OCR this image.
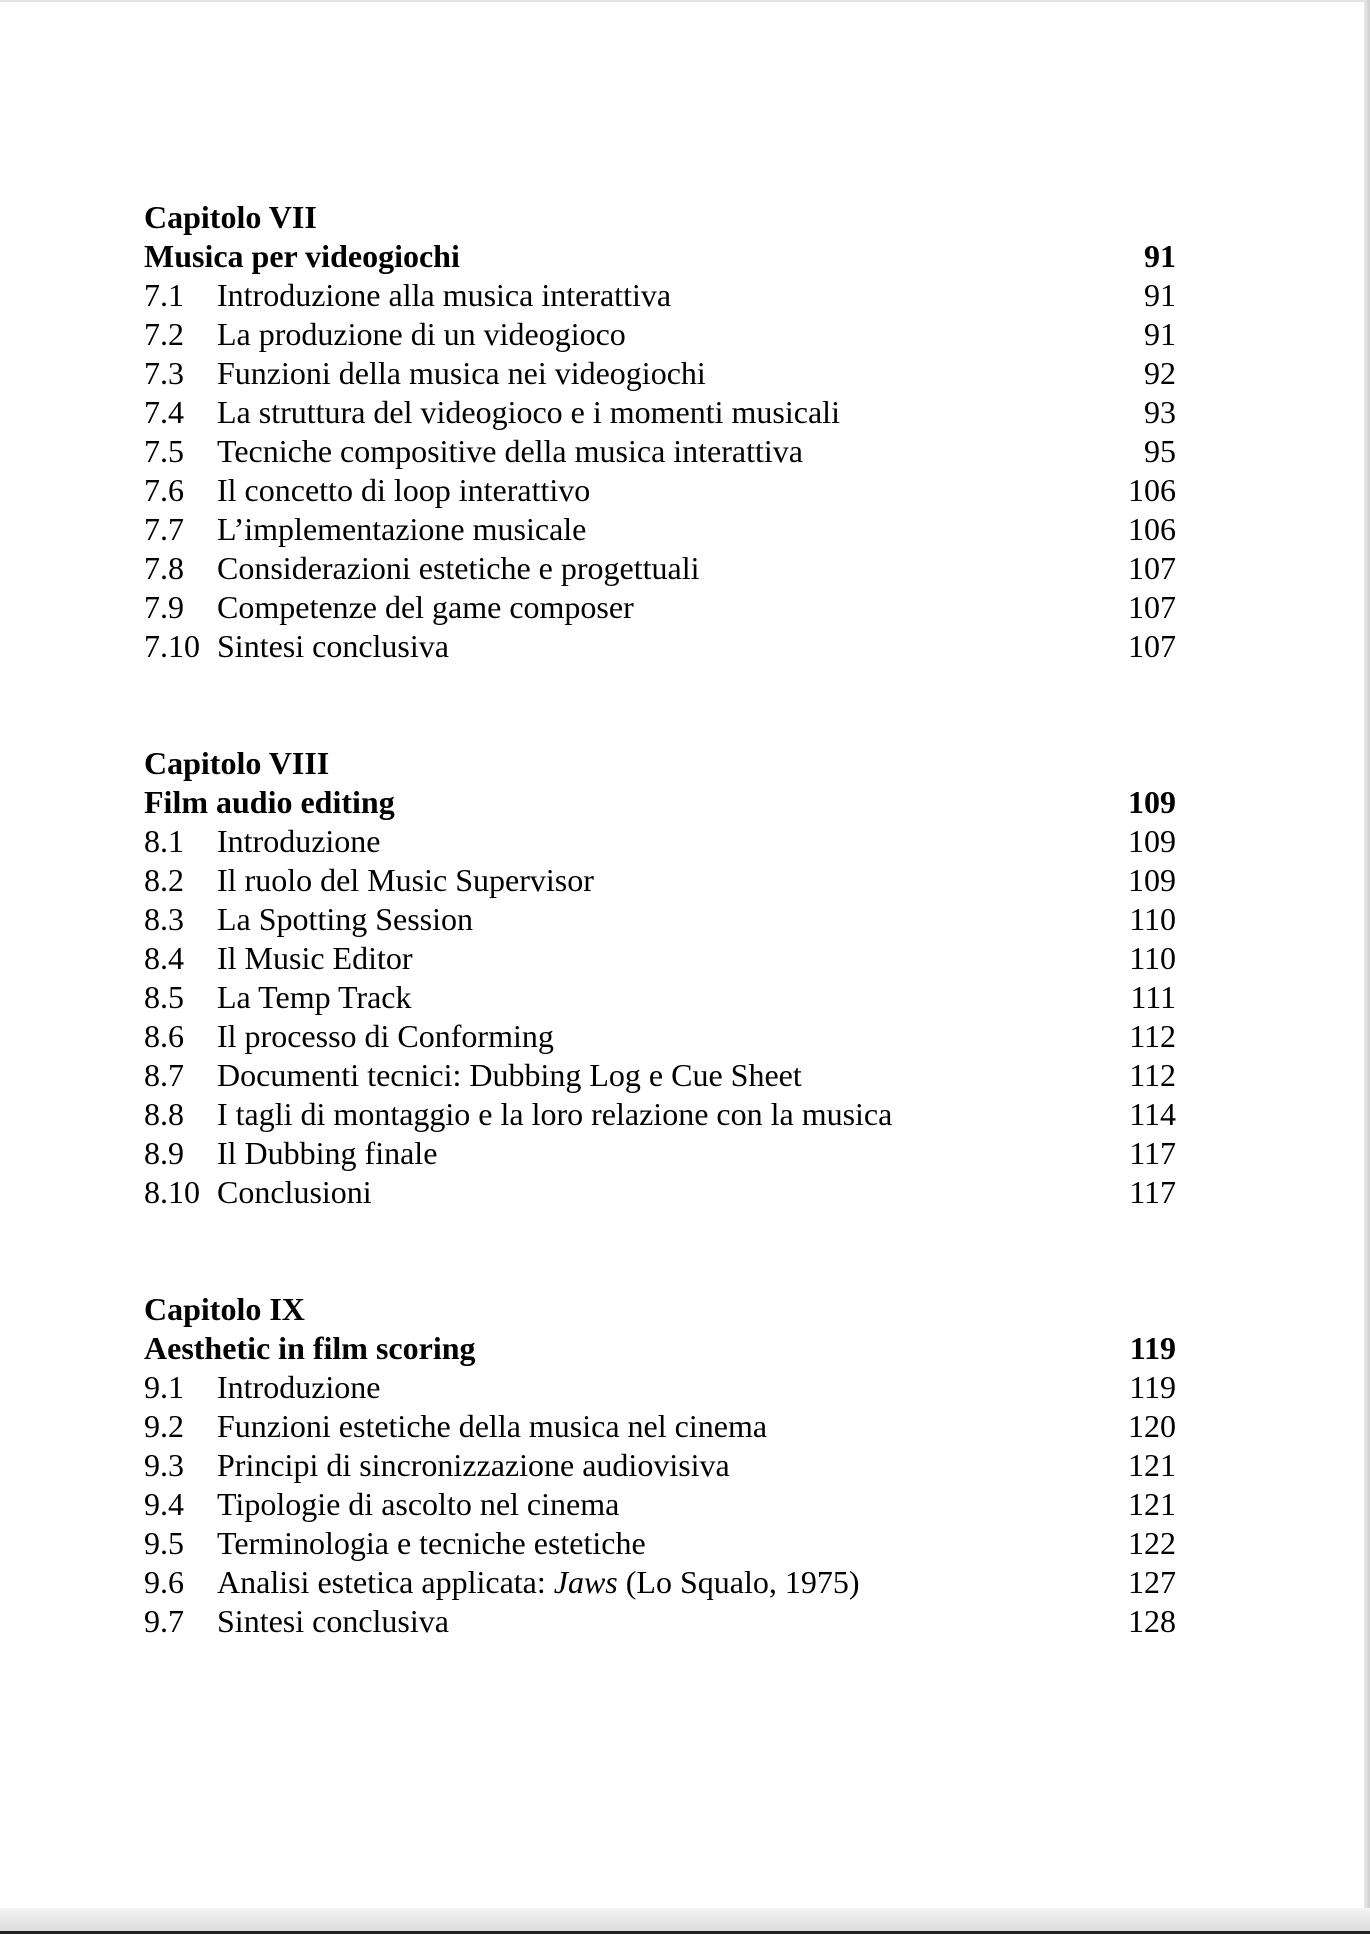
Capitolo VII
Musica per videogiochi	91
7.1	Introduzione alla musica interattiva	91
7.2	La produzione di un videogioco	91
7.3	Funzioni della musica nei videogiochi	92
7.4	La struttura del videogioco e i momenti musicali	93
7.5	Tecniche compositive della musica interattiva	95
7.6	Il concetto di loop interattivo	106
7.7	L’implementazione musicale	106
7.8	Considerazioni estetiche e progettuali	107
7.9	Competenze del game composer	107
7.10 Sintesi conclusiva	107
Capitolo VIII
Film audio editing	109
8.1	Introduzione	109
8.2	Il ruolo del Music Supervisor	109
8.3	La Spotting Session	110
8.4	Il Music Editor	110
8.5	La Temp Track	111
8.6	Il processo di Conforming	112
8.7	Documenti tecnici: Dubbing Log e Cue Sheet	112
8.8	I tagli di montaggio e la loro relazione con la musica	114
8.9	Il Dubbing finale	117
8.10 Conclusioni	117
Capitolo IX
Aesthetic in film scoring	119
9.1	Introduzione	119
9.2	Funzioni estetiche della musica nel cinema	120
9.3	Principi di sincronizzazione audiovisiva	121
9.4	Tipologie di ascolto nel cinema	121
9.5	Terminologia e tecniche estetiche	122
9.6	Analisi estetica applicata: Jaws (Lo Squalo, 1975)	127
9.7	Sintesi conclusiva	128
